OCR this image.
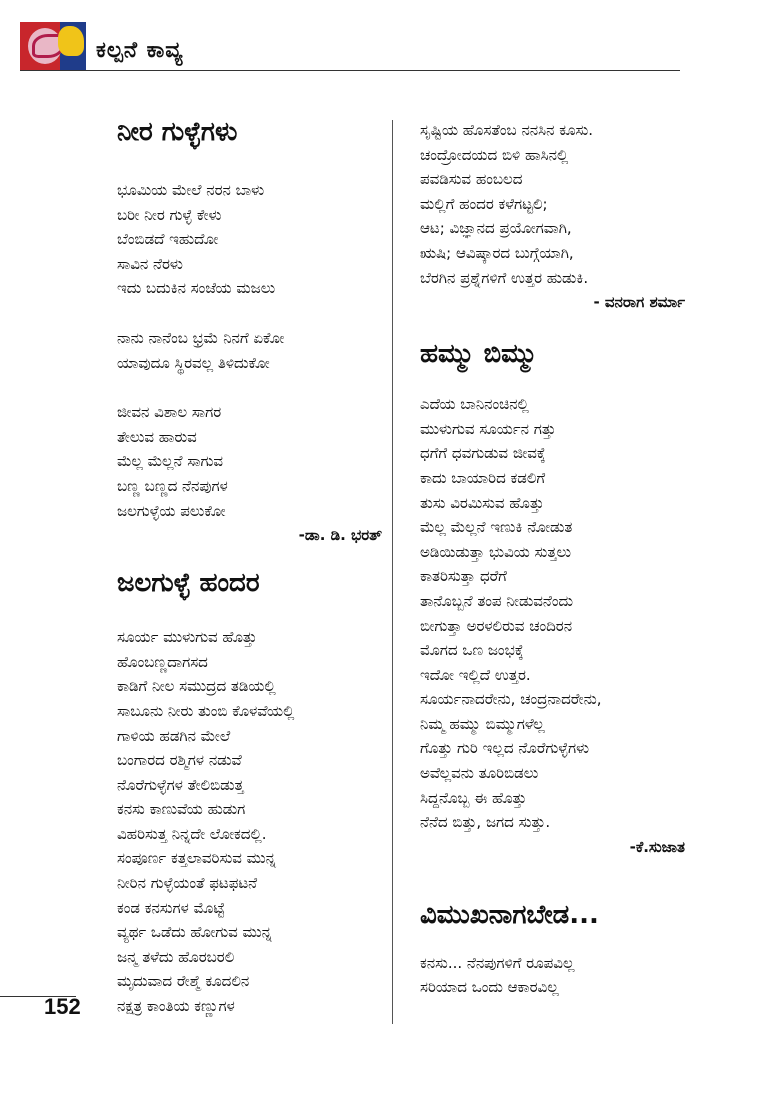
ಕಲ್ಪನೆ ಕಾವ್ಯ
ನೀರ ಗುಳ್ಳೆಗಳು
ಭೂಮಿಯ ಮೇಲೆ ನರನ ಬಾಳು
ಬರೀ ನೀರ ಗುಳ್ಳೆ ಕೇಳು
ಬೆಂಬಿಡದೆ ಇಹುದೋ
ಸಾವಿನ ನೆರಳು
ಇದು ಬದುಕಿನ ಸಂಜೆಯ ಮಜಲು
ನಾನು ನಾನೆಂಬ ಭ್ರಮೆ ನಿನಗೆ ಏಕೋ
ಯಾವುದೂ ಸ್ಥಿರವಲ್ಲ ತಿಳಿದುಕೋ
ಜೀವನ ವಿಶಾಲ ಸಾಗರ
ತೇಲುವ ಹಾರುವ
ಮೆಲ್ಲ ಮೆಲ್ಲನೆ ಸಾಗುವ
ಬಣ್ಣ ಬಣ್ಣದ ನೆನಪುಗಳ
ಜಲಗುಳ್ಳೆಯ ಪಲುಕೋ
-ಡಾ. ಡಿ. ಭರತ್
ಜಲಗುಳ್ಳೆ ಹಂದರ
ಸೂರ್ಯ ಮುಳುಗುವ ಹೊತ್ತು
ಹೊಂಬಣ್ಣದಾಗಸದ
ಕಾಡಿಗೆ ನೀಲ ಸಮುದ್ರದ ತಡಿಯಲ್ಲಿ
ಸಾಬೂನು ನೀರು ತುಂಬಿ ಕೊಳವೆಯಲ್ಲಿ
ಗಾಳಿಯ ಹಡಗಿನ ಮೇಲೆ
ಬಂಗಾರದ ರಶ್ಮಿಗಳ ನಡುವೆ
ನೊರೆಗುಳ್ಳೆಗಳ ತೇಲಿಬಿಡುತ್ತ
ಕನಸು ಕಾಣುವೆಯ ಹುಡುಗ
ವಿಹರಿಸುತ್ತ ನಿನ್ನದೇ ಲೋಕದಲ್ಲಿ.
ಸಂಪೂರ್ಣ ಕತ್ತಲಾವರಿಸುವ ಮುನ್ನ
ನೀರಿನ ಗುಳ್ಳೆಯಂತೆ ಫಟಫಟನೆ
ಕಂಡ ಕನಸುಗಳ ಮೊಟ್ಟೆ
ವ್ಯರ್ಥ ಒಡೆದು ಹೋಗುವ ಮುನ್ನ
ಜನ್ಮ ತಳೆದು ಹೊರಬರಲಿ
ಮೃದುವಾದ ರೇಶ್ಮೆ ಕೂದಲಿನ
ನಕ್ಷತ್ರ ಕಾಂತಿಯ ಕಣ್ಣುಗಳ
ಸೃಷ್ಟಿಯ ಹೊಸತೆಂಬ ನನಸಿನ ಕೂಸು.
ಚಂದ್ರೋದಯದ ಬಿಳಿ ಹಾಸಿನಲ್ಲಿ
ಪವಡಿಸುವ ಹಂಬಲದ
ಮಲ್ಲಿಗೆ ಹಂದರ ಕಳೆಗಟ್ಟಲಿ;
ಆಟ; ವಿಜ್ಞಾನದ ಪ್ರಯೋಗವಾಗಿ,
ಋಷಿ; ಆವಿಷ್ಕಾರದ ಬುಗ್ಗೆಯಾಗಿ,
ಬೆರಗಿನ ಪ್ರಶ್ನೆಗಳಿಗೆ ಉತ್ತರ ಹುಡುಕಿ.
- ವನರಾಗ ಶರ್ಮಾ
ಹಮ್ಮು ಬಿಮ್ಮು
ಎದೆಯ ಬಾನಿನಂಚಿನಲ್ಲಿ
ಮುಳುಗುವ ಸೂರ್ಯನ ಗತ್ತು
ಧಗೆಗೆ ಧವಗುಡುವ ಜೀವಕ್ಕೆ
ಕಾದು ಬಾಯಾರಿದ ಕಡಲಿಗೆ
ತುಸು ವಿರಮಿಸುವ ಹೊತ್ತು
ಮೆಲ್ಲ ಮೆಲ್ಲನೆ ಇಣುಕಿ ನೋಡುತ
ಅಡಿಯಿಡುತ್ತಾ ಭುವಿಯ ಸುತ್ತಲು
ಕಾತರಿಸುತ್ತಾ ಧರೆಗೆ
ತಾನೊಬ್ಬನೆ ತಂಪ ನೀಡುವನೆಂದು
ಬೀಗುತ್ತಾ ಅರಳಲಿರುವ ಚಂದಿರನ
ಮೊಗದ ಒಣ ಜಂಭಕ್ಕೆ
ಇದೋ ಇಲ್ಲಿದೆ ಉತ್ತರ.
ಸೂರ್ಯನಾದರೇನು, ಚಂದ್ರನಾದರೇನು,
ನಿಮ್ಮ ಹಮ್ಮು ಬಿಮ್ಮುಗಳೆಲ್ಲ
ಗೊತ್ತು ಗುರಿ ಇಲ್ಲದ ನೊರೆಗುಳ್ಳೆಗಳು
ಅವೆಲ್ಲವನು ತೂರಿಬಿಡಲು
ಸಿದ್ದನೊಬ್ಬ ಈ ಹೊತ್ತು
ನೆನೆದ ಬಿತ್ತು, ಜಗದ ಸುತ್ತು.
-ಕೆ.ಸುಜಾತ
ವಿಮುಖನಾಗಬೇಡ...
ಕನಸು... ನೆನಪುಗಳಿಗೆ ರೂಪವಿಲ್ಲ
ಸರಿಯಾದ ಒಂದು ಆಕಾರವಿಲ್ಲ
152
